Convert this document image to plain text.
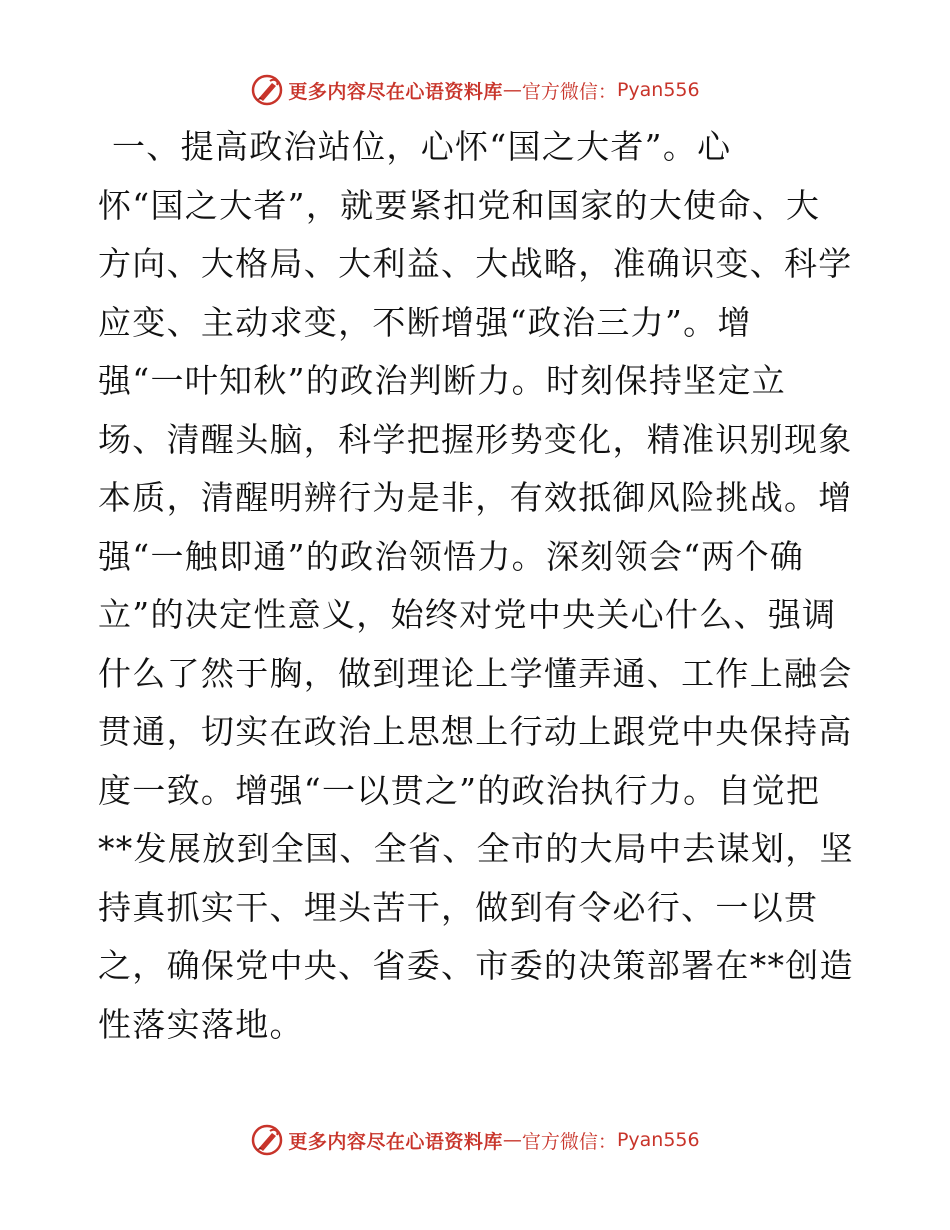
更多内容尽在心语资料库 — 官方微信： Pyan556
一、提高政治站位，心怀“国之大者”。心
怀“国之大者”，就要紧扣党和国家的大使命、大
方向、大格局、大利益、大战略，准确识变、科学
应变、主动求变，不断增强“政治三力”。增
强“一叶知秋”的政治判断力。时刻保持坚定立
场、清醒头脑，科学把握形势变化，精准识别现象
本质，清醒明辨行为是非，有效抵御风险挑战。增
强“一触即通”的政治领悟力。深刻领会“两个确
立”的决定性意义，始终对党中央关心什么、强调
什么了然于胸，做到理论上学懂弄通、工作上融会
贯通，切实在政治上思想上行动上跟党中央保持高
度一致。增强“一以贯之”的政治执行力。自觉把
**发展放到全国、全省、全市的大局中去谋划，坚
持真抓实干、埋头苦干，做到有令必行、一以贯
之，确保党中央、省委、市委的决策部署在**创造
性落实落地。
更多内容尽在心语资料库 — 官方微信： Pyan556
